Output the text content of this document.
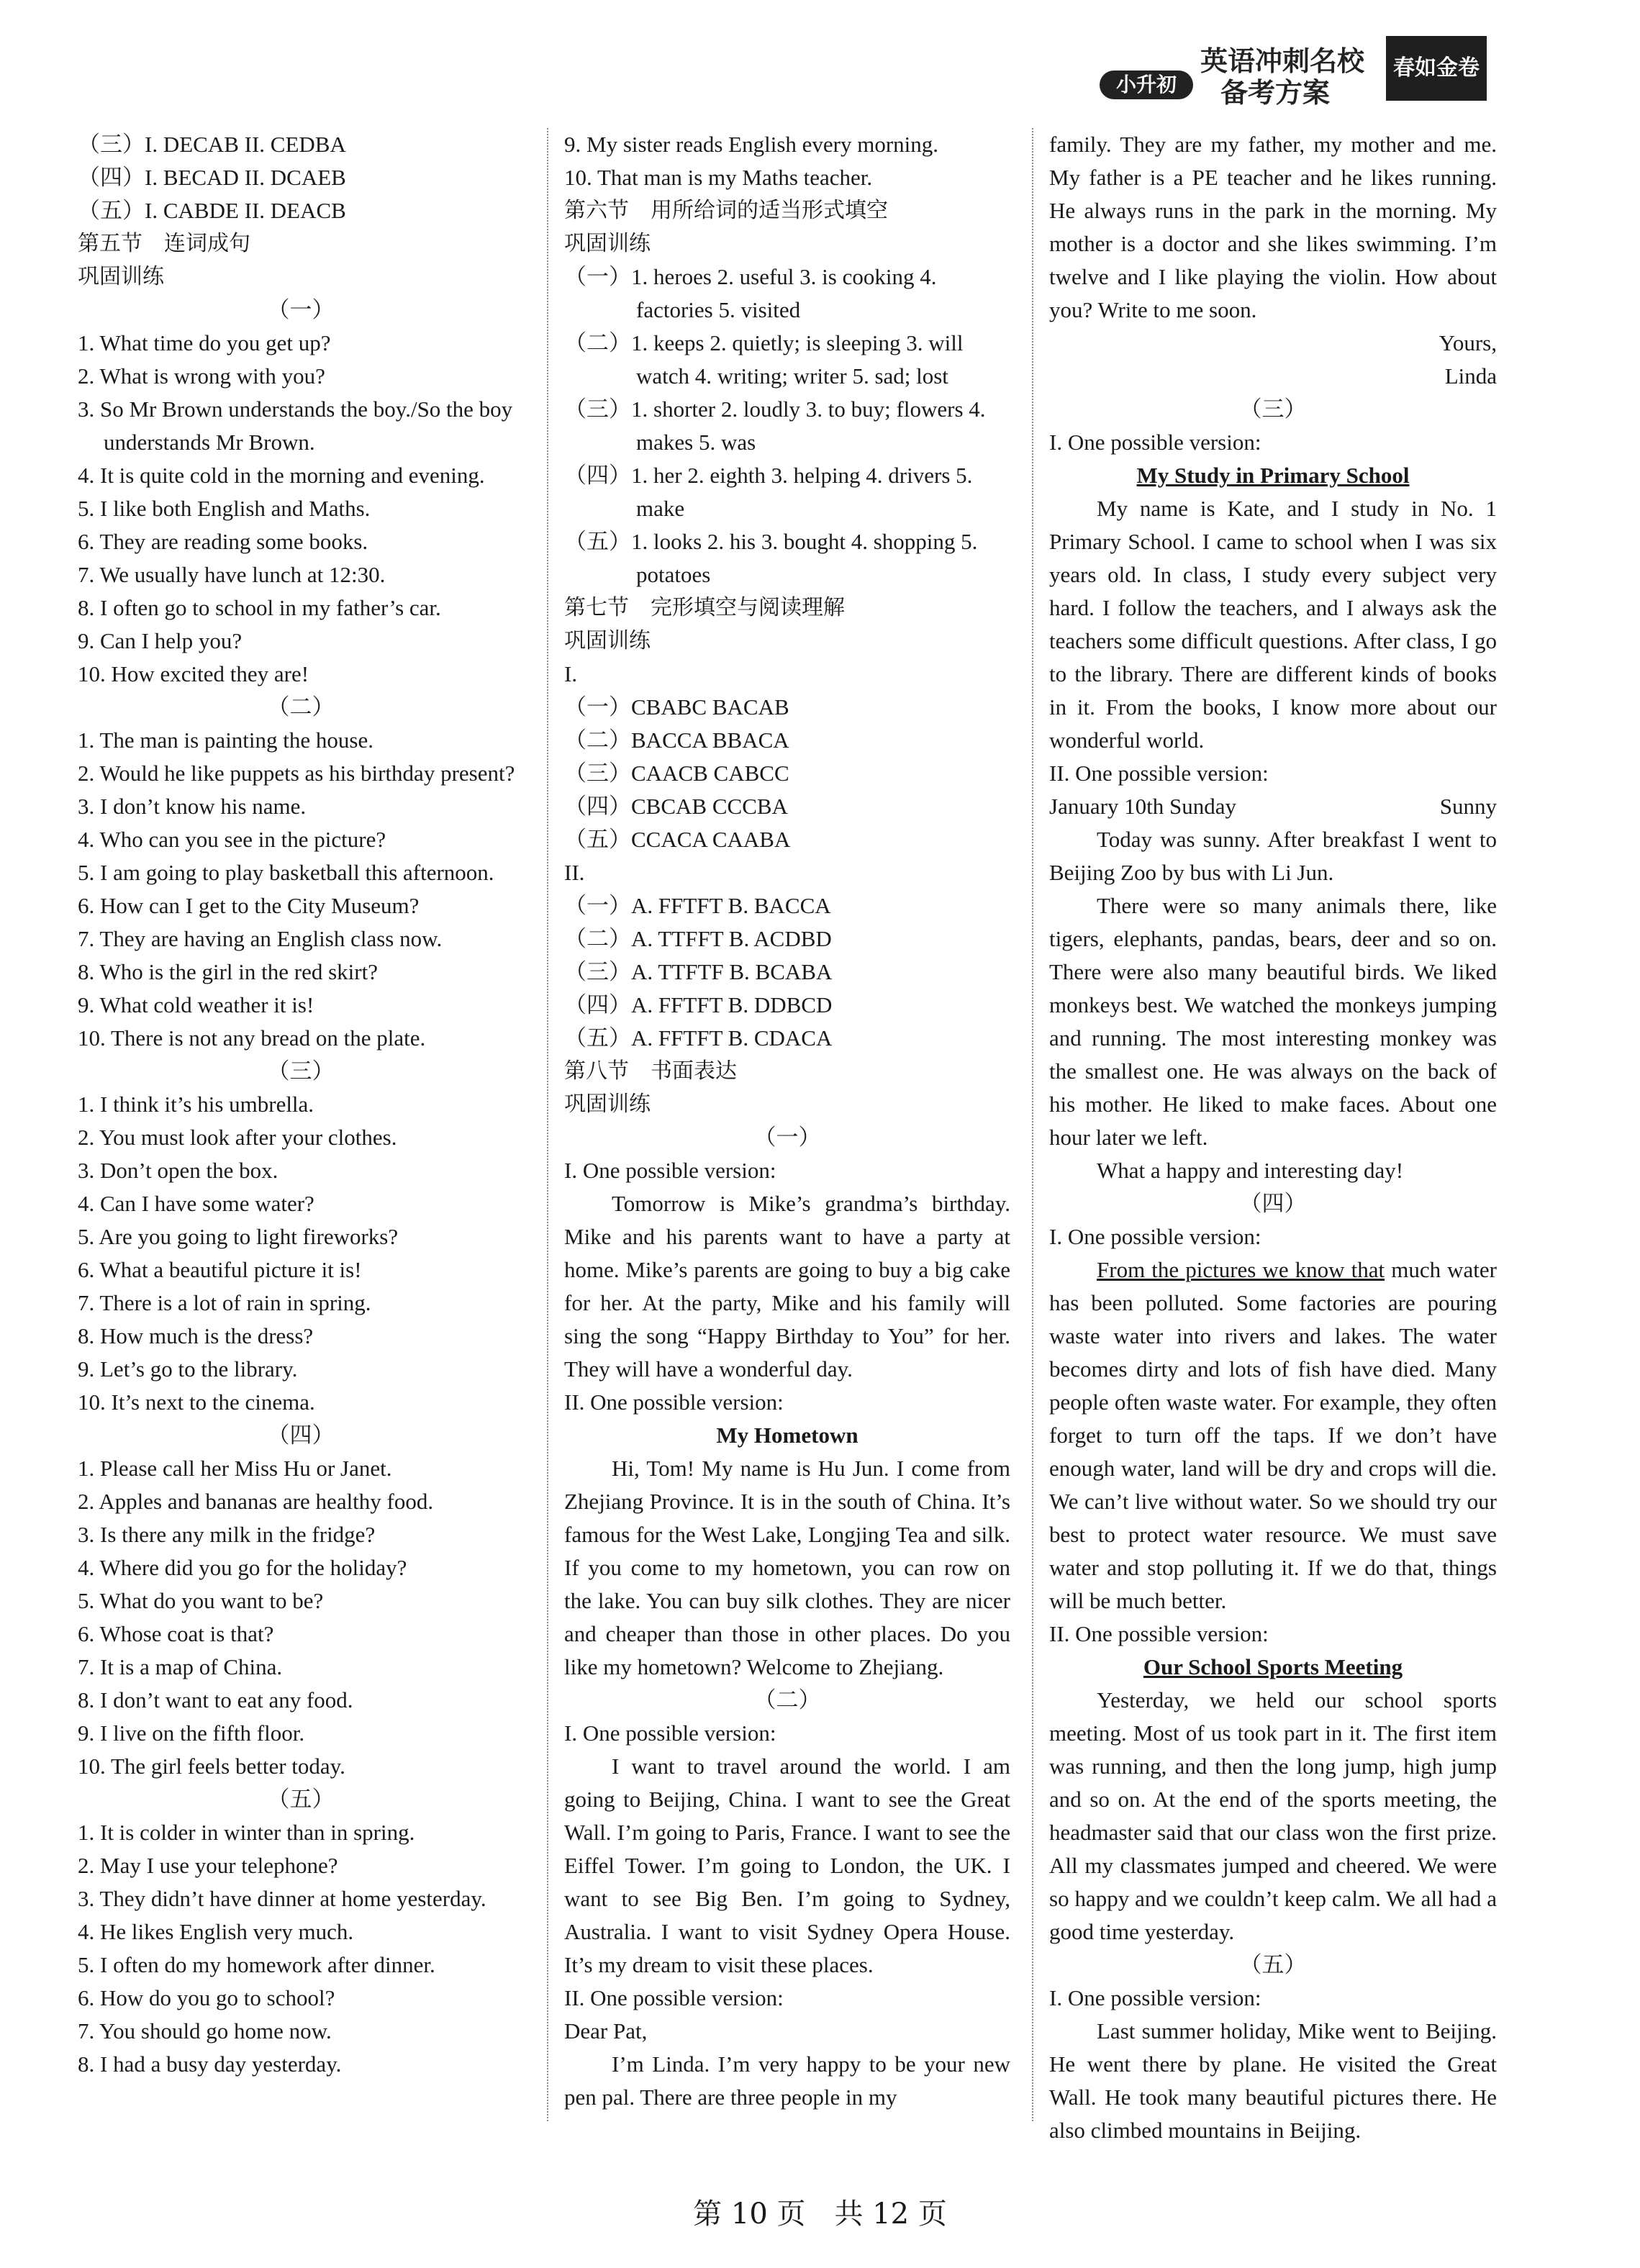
小升初
英语冲刺名校
备考方案
春如金卷
（三）I. DECAB II. CEDBA
（四）I. BECAD II. DCAEB
（五）I. CABDE II. DEACB
第五节　连词成句
巩固训练
（一）
1. What time do you get up?
2. What is wrong with you?
3. So Mr Brown understands the boy./So the boy understands Mr Brown.
4. It is quite cold in the morning and evening.
5. I like both English and Maths.
6. They are reading some books.
7. We usually have lunch at 12:30.
8. I often go to school in my father’s car.
9. Can I help you?
10. How excited they are!
（二）
1. The man is painting the house.
2. Would he like puppets as his birthday present?
3. I don’t know his name.
4. Who can you see in the picture?
5. I am going to play basketball this afternoon.
6. How can I get to the City Museum?
7. They are having an English class now.
8. Who is the girl in the red skirt?
9. What cold weather it is!
10. There is not any bread on the plate.
（三）
1. I think it’s his umbrella.
2. You must look after your clothes.
3. Don’t open the box.
4. Can I have some water?
5. Are you going to light fireworks?
6. What a beautiful picture it is!
7. There is a lot of rain in spring.
8. How much is the dress?
9. Let’s go to the library.
10. It’s next to the cinema.
（四）
1. Please call her Miss Hu or Janet.
2. Apples and bananas are healthy food.
3. Is there any milk in the fridge?
4. Where did you go for the holiday?
5. What do you want to be?
6. Whose coat is that?
7. It is a map of China.
8. I don’t want to eat any food.
9. I live on the fifth floor.
10. The girl feels better today.
（五）
1. It is colder in winter than in spring.
2. May I use your telephone?
3. They didn’t have dinner at home yesterday.
4. He likes English very much.
5. I often do my homework after dinner.
6. How do you go to school?
7. You should go home now.
8. I had a busy day yesterday.
9. My sister reads English every morning.
10. That man is my Maths teacher.
第六节　用所给词的适当形式填空
巩固训练
（一）1. heroes 2. useful 3. is cooking 4. factories 5. visited
（二）1. keeps 2. quietly; is sleeping 3. will watch 4. writing; writer 5. sad; lost
（三）1. shorter 2. loudly 3. to buy; flowers 4. makes 5. was
（四）1. her 2. eighth 3. helping 4. drivers 5. make
（五）1. looks 2. his 3. bought 4. shopping 5. potatoes
第七节　完形填空与阅读理解
巩固训练
I.
（一）CBABC BACAB
（二）BACCA BBACA
（三）CAACB CABCC
（四）CBCAB CCCBA
（五）CCACA CAABA
II.
（一）A. FFTFT B. BACCA
（二）A. TTFFT B. ACDBD
（三）A. TTFTF B. BCABA
（四）A. FFTFT B. DDBCD
（五）A. FFTFT B. CDACA
第八节　书面表达
巩固训练
（一）
I. One possible version:
Tomorrow is Mike’s grandma’s birthday. Mike and his parents want to have a party at home. Mike’s parents are going to buy a big cake for her. At the party, Mike and his family will sing the song “Happy Birthday to You” for her. They will have a wonderful day.
II. One possible version:
My Hometown
Hi, Tom! My name is Hu Jun. I come from Zhejiang Province. It is in the south of China. It’s famous for the West Lake, Longjing Tea and silk. If you come to my hometown, you can row on the lake. You can buy silk clothes. They are nicer and cheaper than those in other places. Do you like my hometown? Welcome to Zhejiang.
（二）
I. One possible version:
I want to travel around the world. I am going to Beijing, China. I want to see the Great Wall. I’m going to Paris, France. I want to see the Eiffel Tower. I’m going to London, the UK. I want to see Big Ben. I’m going to Sydney, Australia. I want to visit Sydney Opera House. It’s my dream to visit these places.
II. One possible version:
Dear Pat,
I’m Linda. I’m very happy to be your new pen pal. There are three people in my
family. They are my father, my mother and me. My father is a PE teacher and he likes running. He always runs in the park in the morning. My mother is a doctor and she likes swimming. I’m twelve and I like playing the violin. How about you? Write to me soon.
Yours,
Linda
（三）
I. One possible version:
My Study in Primary School
My name is Kate, and I study in No. 1 Primary School. I came to school when I was six years old. In class, I study every subject very hard. I follow the teachers, and I always ask the teachers some difficult questions. After class, I go to the library. There are different kinds of books in it. From the books, I know more about our wonderful world.
II. One possible version:
January 10th Sunday	Sunny
Today was sunny. After breakfast I went to Beijing Zoo by bus with Li Jun.
There were so many animals there, like tigers, elephants, pandas, bears, deer and so on. There were also many beautiful birds. We liked monkeys best. We watched the monkeys jumping and running. The most interesting monkey was the smallest one. He was always on the back of his mother. He liked to make faces. About one hour later we left.
What a happy and interesting day!
（四）
I. One possible version:
From the pictures we know that much water has been polluted. Some factories are pouring waste water into rivers and lakes. The water becomes dirty and lots of fish have died. Many people often waste water. For example, they often forget to turn off the taps. If we don’t have enough water, land will be dry and crops will die. We can’t live without water. So we should try our best to protect water resource. We must save water and stop polluting it. If we do that, things will be much better.
II. One possible version:
Our School Sports Meeting
Yesterday, we held our school sports meeting. Most of us took part in it. The first item was running, and then the long jump, high jump and so on. At the end of the sports meeting, the headmaster said that our class won the first prize. All my classmates jumped and cheered. We were so happy and we couldn’t keep calm. We all had a good time yesterday.
（五）
I. One possible version:
Last summer holiday, Mike went to Beijing. He went there by plane. He visited the Great Wall. He took many beautiful pictures there. He also climbed mountains in Beijing.
第 10 页　共 12 页
